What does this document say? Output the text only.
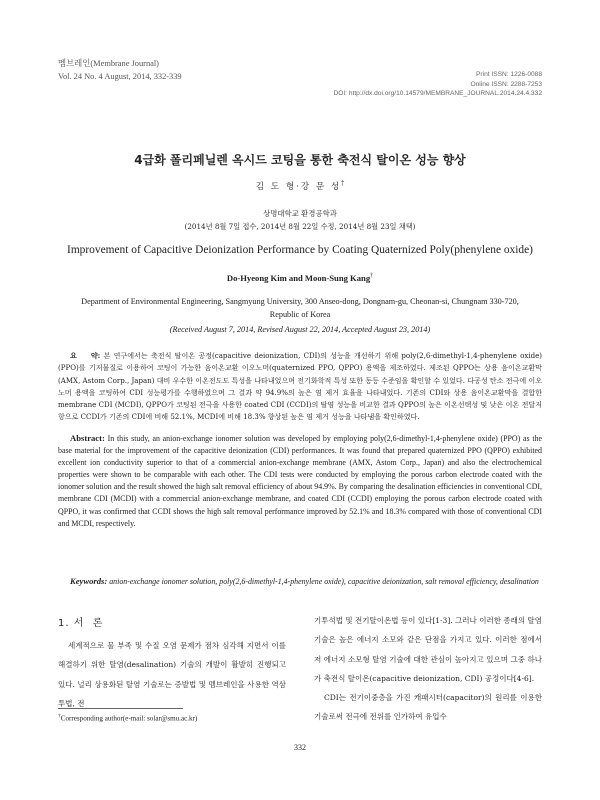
멤브레인(Membrane Journal)
Vol. 24 No. 4 August, 2014, 332-339	Print ISSN: 1226-0088
Online ISSN: 2288-7253
DOI: http://dx.doi.org/10.14579/MEMBRANE_JOURNAL.2014.24.4.332
4급화 폴리페닐렌 옥시드 코팅을 통한 축전식 탈이온 성능 향상
김 도 형·강 문 성†
상명대학교 환경공학과
(2014년 8월 7일 접수, 2014년 8월 22일 수정, 2014년 8월 23일 채택)
Improvement of Capacitive Deionization Performance by Coating Quaternized Poly(phenylene oxide)
Do-Hyeong Kim and Moon-Sung Kang†
Department of Environmental Engineering, Sangmyung University, 300 Anseo-dong, Dongnam-gu, Cheonan-si, Chungnam 330-720, Republic of Korea
(Received August 7, 2014, Revised August 22, 2014, Accepted August 23, 2014)
요    약: 본 연구에서는 축전식 탈이온 공정(capacitive deionization, CDI)의 성능을 개선하기 위해 poly(2,6-dimethyl-1,4-phenylene oxide) (PPO)를 기저물질로 이용하여 코팅이 가능한 음이온교환 이오노머(quaternized PPO, QPPO) 용액을 제조하였다. 제조된 QPPO는 상용 음이온교환막(AMX, Astom Corp., Japan) 대비 우수한 이온전도도 특성을 나타내었으며 전기화학적 특성 또한 동등 수준임을 확인할 수 있었다. 다공성 탄소 전극에 이오노머 용액을 코팅하여 CDI 성능평가를 수행하였으며 그 결과 약 94.9%의 높은 염 제거 효율을 나타내었다. 기존의 CDI와 상용 음이온교환막을 결합한 membrane CDI (MCDI), QPPO가 코팅된 전극을 사용한 coated CDI (CCDI)의 탈염 성능을 비교한 결과 QPPO의 높은 이온선택성 및 낮은 이온 전달저항으로 CCDI가 기존의 CDI에 비해 52.1%, MCDI에 비해 18.3% 향상된 높은 염 제거 성능을 나타냄을 확인하였다.
Abstract: In this study, an anion-exchange ionomer solution was developed by employing poly(2,6-dimethyl-1,4-phenylene oxide) (PPO) as the base material for the improvement of the capacitive deionization (CDI) performances. It was found that prepared quaternized PPO (QPPO) exhibited excellent ion conductivity superior to that of a commercial anion-exchange membrane (AMX, Astom Corp., Japan) and also the electrochemical properties were shown to be comparable with each other. The CDI tests were conducted by employing the porous carbon electrode coated with the ionomer solution and the result showed the high salt removal efficiency of about 94.9%. By comparing the desalination efficiencies in conventional CDI, membrane CDI (MCDI) with a commercial anion-exchange membrane, and coated CDI (CCDI) employing the porous carbon electrode coated with QPPO, it was confirmed that CCDI shows the high salt removal performance improved by 52.1% and 18.3% compared with those of conventional CDI and MCDI, respectively.
Keywords: anion-exchange ionomer solution, poly(2,6-dimethyl-1,4-phenylene oxide), capacitive deionization, salt removal efficiency, desalination
1. 서  론
세계적으로 물 부족 및 수질 오염 문제가 점차 심각해 지면서 이를 해결하기 위한 탈염(desalination) 기술의 개발이 활발히 진행되고 있다. 널리 상용화된 탈염 기술로는 증발법 및 멤브레인을 사용한 역삼투법, 전
기투석법 및 전기탈이온법 등이 있다[1-3]. 그러나 이러한 종래의 탈염 기술은 높은 에너지 소모와 같은 단점을 가지고 있다. 이러한 점에서 저 에너지 소모형 탈염 기술에 대한 관심이 높아지고 있으며 그중 하나가 축전식 탈이온(capacitive deionization, CDI) 공정이다[4-6].
CDI는 전기이중층을 가진 캐패시터(capacitor)의 원리를 이용한 기술로써 전극에 전위를 인가하여 유입수
†Corresponding author(e-mail: solar@smu.ac.kr)
332
